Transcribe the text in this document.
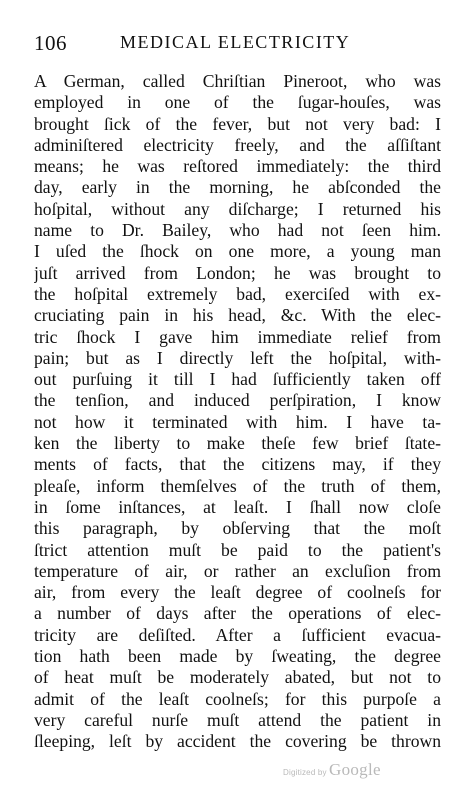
106	MEDICAL ELECTRICITY
A German, called Chriſtian Pineroot, who was
employed in one of the ſugar-houſes, was
brought ſick of the fever, but not very bad: I
adminiſtered electricity freely, and the aſſiſtant
means; he was reſtored immediately: the third
day, early in the morning, he abſconded the
hoſpital, without any diſcharge; I returned his
name to Dr. Bailey, who had not ſeen him.
I uſed the ſhock on one more, a young man
juſt arrived from London; he was brought to
the hoſpital extremely bad, exerciſed with ex-
cruciating pain in his head, &c. With the elec-
tric ſhock I gave him immediate relief from
pain; but as I directly left the hoſpital, with-
out purſuing it till I had ſufficiently taken off
the tenſion, and induced perſpiration, I know
not how it terminated with him. I have ta-
ken the liberty to make theſe few brief ſtate-
ments of facts, that the citizens may, if they
pleaſe, inform themſelves of the truth of them,
in ſome inſtances, at leaſt. I ſhall now cloſe
this paragraph, by obſerving that the moſt
ſtrict attention muſt be paid to the patient's
temperature of air, or rather an excluſion from
air, from every the leaſt degree of coolneſs for
a number of days after the operations of elec-
tricity are deſiſted. After a ſufficient evacua-
tion hath been made by ſweating, the degree
of heat muſt be moderately abated, but not to
admit of the leaſt coolneſs; for this purpoſe a
very careful nurſe muſt attend the patient in
ſleeping, leſt by accident the covering be thrown
Digitized by Google
